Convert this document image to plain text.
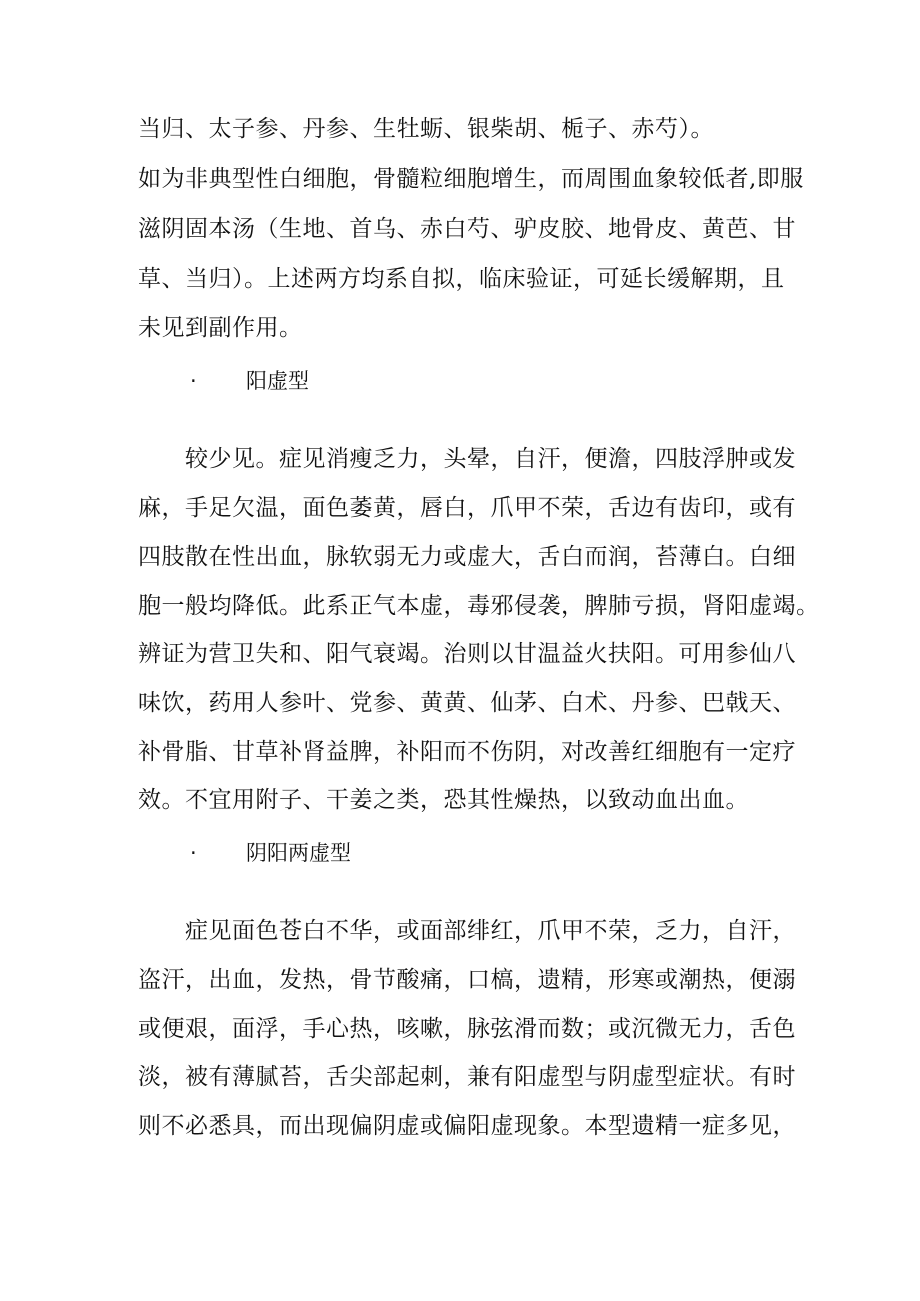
当归、太子参、丹参、生牡蛎、银柴胡、栀子、赤芍）。
如为非典型性白细胞，骨髓粒细胞增生，而周围血象较低者,即服
滋阴固本汤（生地、首乌、赤白芍、驴皮胶、地骨皮、黄芭、甘
草、当归）。上述两方均系自拟，临床验证，可延长缓解期，且
未见到副作用。
· 阳虚型
较少见。症见消瘦乏力，头晕，自汗，便澹，四肢浮肿或发
麻，手足欠温，面色萎黄，唇白，爪甲不荣，舌边有齿印，或有
四肢散在性出血，脉软弱无力或虚大，舌白而润，苔薄白。白细
胞一般均降低。此系正气本虚，毒邪侵袭，脾肺亏损，肾阳虚竭。
辨证为营卫失和、阳气衰竭。治则以甘温益火扶阳。可用参仙八
味饮，药用人参叶、党参、黄黄、仙茅、白术、丹参、巴戟天、
补骨脂、甘草补肾益脾，补阳而不伤阴，对改善红细胞有一定疗
效。不宜用附子、干姜之类，恐其性燥热，以致动血出血。
· 阴阳两虚型
症见面色苍白不华，或面部绯红，爪甲不荣，乏力，自汗，
盗汗，出血，发热，骨节酸痛，口槁，遗精，形寒或潮热，便溺
或便艰，面浮，手心热，咳嗽，脉弦滑而数；或沉微无力，舌色
淡，被有薄腻苔，舌尖部起刺，兼有阳虚型与阴虚型症状。有时
则不必悉具，而出现偏阴虚或偏阳虚现象。本型遗精一症多见，
